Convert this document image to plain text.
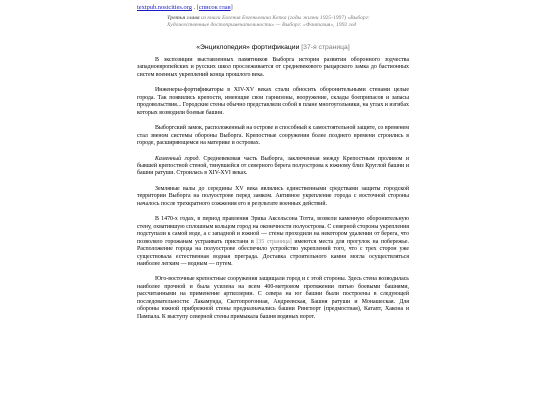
textpub.nosicities.org . [список глав]
Третья глава из книги Евгения Евгеньевича Кепка (годы жизни 1925-1997) «Выборг: Художественные достопримечательности» — Выборг: «Фантазия», 1992 год
«Энциклопедия» фортификации [37-я страница]

В экспозиции выставленных памятников Выборга история развития оборонного зодчества западноевропейских и русских школ прослеживается от средневекового рыцарского замка до бастионных систем военных укреплений конца прошлого века.

Инженеры-фортификаторы в XIV-XV веках стали обносить оборонительными стенами целые города. Так появились крепости, имеющие свои гарнизоны, вооружение, склады боеприпасов и запасы продовольствия... Городские стены обычно представляли собой в плане многоугольники, на углах и изгибах которых возводили боевые башни.

Выборгский замок, расположенный на острове и способный к самостоятельной защите, со временем стал звеном системы обороны Выборга. Крепостные сооружения более позднего времени строились в городе, расширяющемся на материке и островах.

Каменный город. Средневековая часть Выборга, заключенная между Крепостным проливом и бывшей крепостной стеной, тянувшейся от северного берега полуострова к южному близ Круглой башни и башни ратуши. Строилась в XIV-XVI веках.

Земляные валы до середины XV века являлись единственными средствами защиты городской территории Выборга на полуострове перед замком. Активное укрепление города с восточной стороны началось после трехкратного сожжения его в результате военных действий.

В 1470-х годах, в период правления Эрика Аксельсона Тотта, возвели каменную оборонительную стену, охватившую сплошным кольцом город на оконечности полуострова. С северной стороны укрепления подступали к самой воде, а с западной и южной — стены проходили на некотором удалении от берега, что позволяло горожанам устраивать пристани в [35 страница] имеются места для прогулок на побережье. Расположение города на полуострове обеспечило устройство укреплений того, что с трех сторон уже существовала естественная водная преграда. Доставка строительного камня могла осуществляться наиболее легким — водным — путем.

Юго-восточные крепостные сооружения защищали город и с этой стороны. Здесь стена возводилась наиболее прочной и была усилена на всем 400-метровом протяжении пятью боевыми башнями, рассчитанными на применение артиллерии. С севера на юг башни были построены в следующей последовательности: Лакамунда, Скотопрогонная, Андреевская, Башня ратуши и Монашеская. Для обороны южной прибрежной стены предназначались башни Рингпорт (предмостная), Катапт, Хакона и Пампала. К выступу северной стены примыкала башня водяных ворот.
